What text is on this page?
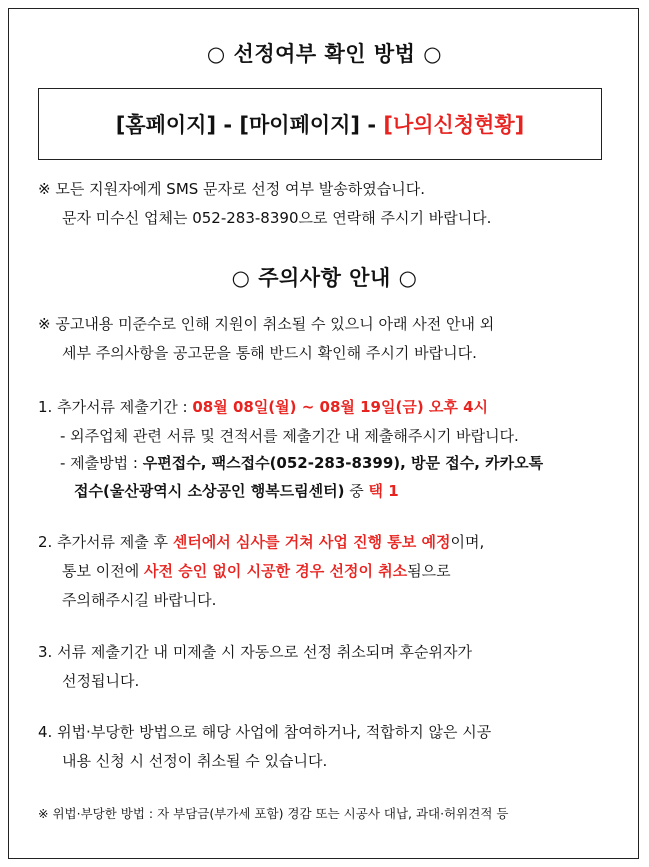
○ 선정여부 확인 방법 ○
[홈페이지] - [마이페이지] - [나의신청현황]
※ 모든 지원자에게 SMS 문자로 선정 여부 발송하였습니다.
문자 미수신 업체는 052-283-8390으로 연락해 주시기 바랍니다.
○ 주의사항 안내 ○
※ 공고내용 미준수로 인해 지원이 취소될 수 있으니 아래 사전 안내 외
세부 주의사항을 공고문을 통해 반드시 확인해 주시기 바랍니다.
1. 추가서류 제출기간 : 08월 08일(월) ~ 08월 19일(금) 오후 4시
- 외주업체 관련 서류 및 견적서를 제출기간 내 제출해주시기 바랍니다.
- 제출방법 : 우편접수, 팩스접수(052-283-8399), 방문 접수, 카카오톡
접수(울산광역시 소상공인 행복드림센터) 중 택 1
2. 추가서류 제출 후 센터에서 심사를 거쳐 사업 진행 통보 예정이며,
통보 이전에 사전 승인 없이 시공한 경우 선정이 취소됨으로
주의해주시길 바랍니다.
3. 서류 제출기간 내 미제출 시 자동으로 선정 취소되며 후순위자가
선정됩니다.
4. 위법·부당한 방법으로 해당 사업에 참여하거나, 적합하지 않은 시공
내용 신청 시 선정이 취소될 수 있습니다.
※ 위법·부당한 방법 : 자 부담금(부가세 포함) 경감 또는 시공사 대납, 과대·허위견적 등
